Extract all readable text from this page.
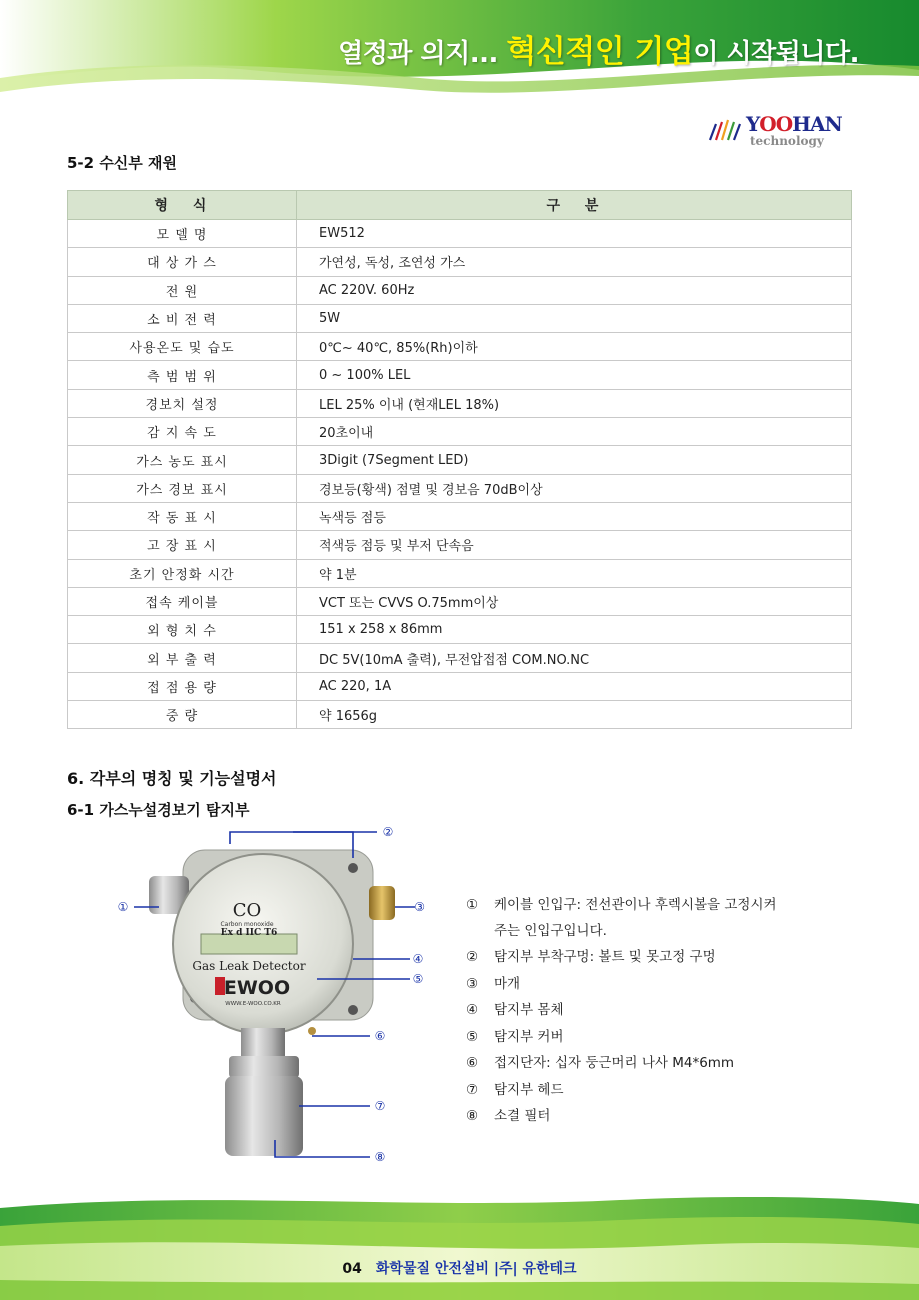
열정과 의지... 혁신적인 기업이 시작됩니다.
YOOHAN
technology
5-2 수신부 재원
형 식	구 분
모 델 명	EW512
대 상 가 스	가연성, 독성, 조연성 가스
전 원	AC 220V. 60Hz
소 비 전 력	5W
사용온도 및 습도	0℃~ 40℃, 85%(Rh)이하
측 범 범 위	0 ~ 100% LEL
경보치 설정	LEL 25% 이내 (현재LEL 18%)
감 지 속 도	20초이내
가스 농도 표시	3Digit (7Segment LED)
가스 경보 표시	경보등(황색) 점멸 및 경보음 70dB이상
작 동 표 시	녹색등 점등
고 장 표 시	적색등 점등 및 부저 단속음
초기 안정화 시간	약 1분
접속 케이블	VCT 또는 CVVS O.75mm이상
외 형 치 수	151 x 258 x 86mm
외 부 출 력	DC 5V(10mA 출력), 무전압접점 COM.NO.NC
접 점 용 량	AC 220, 1A
중 량	약 1656g
6. 각부의 명칭 및 기능설명서
6-1 가스누설경보기 탐지부
②
①	③
④
⑤
⑥
⑦
⑧
CO
Carbon monoxide
Ex d IIC T6
Gas Leak Detector
EWOO
WWW.E-WOO.CO.KR
① 케이블 인입구: 전선관이나 후렉시볼을 고정시켜
주는 인입구입니다.
② 탐지부 부착구멍: 볼트 및 못고정 구멍
③ 마개
④ 탐지부 몸체
⑤ 탐지부 커버
⑥ 접지단자: 십자 둥근머리 나사 M4*6mm
⑦ 탐지부 헤드
⑧ 소결 필터
04 화학물질 안전설비 |주| 유한테크
